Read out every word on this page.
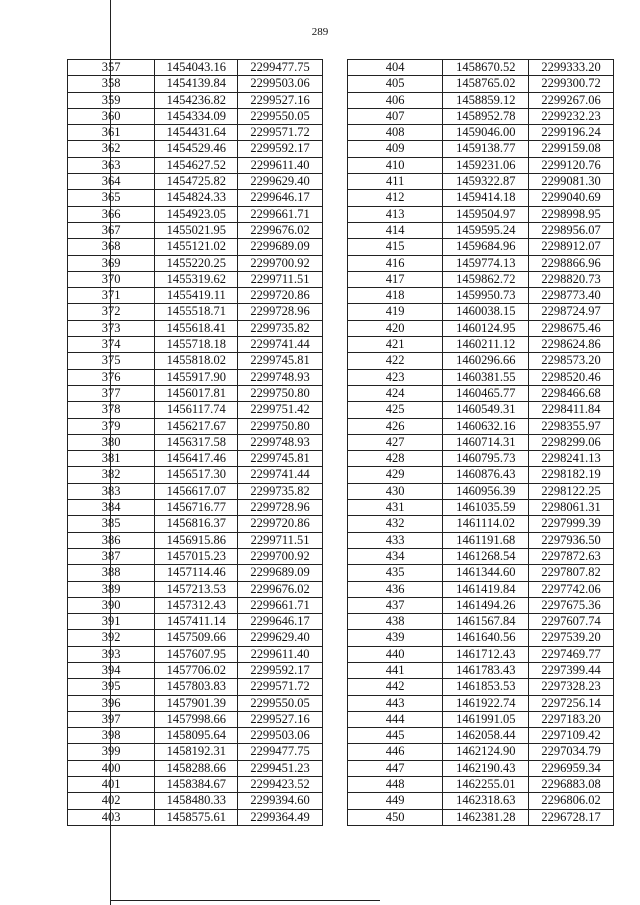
289
357	1454043.16	2299477.75
358	1454139.84	2299503.06
359	1454236.82	2299527.16
360	1454334.09	2299550.05
361	1454431.64	2299571.72
362	1454529.46	2299592.17
363	1454627.52	2299611.40
364	1454725.82	2299629.40
365	1454824.33	2299646.17
366	1454923.05	2299661.71
367	1455021.95	2299676.02
368	1455121.02	2299689.09
369	1455220.25	2299700.92
370	1455319.62	2299711.51
371	1455419.11	2299720.86
372	1455518.71	2299728.96
373	1455618.41	2299735.82
374	1455718.18	2299741.44
375	1455818.02	2299745.81
376	1455917.90	2299748.93
377	1456017.81	2299750.80
378	1456117.74	2299751.42
379	1456217.67	2299750.80
380	1456317.58	2299748.93
381	1456417.46	2299745.81
382	1456517.30	2299741.44
383	1456617.07	2299735.82
384	1456716.77	2299728.96
385	1456816.37	2299720.86
386	1456915.86	2299711.51
387	1457015.23	2299700.92
388	1457114.46	2299689.09
389	1457213.53	2299676.02
390	1457312.43	2299661.71
391	1457411.14	2299646.17
392	1457509.66	2299629.40
393	1457607.95	2299611.40
394	1457706.02	2299592.17
395	1457803.83	2299571.72
396	1457901.39	2299550.05
397	1457998.66	2299527.16
398	1458095.64	2299503.06
399	1458192.31	2299477.75
400	1458288.66	2299451.23
401	1458384.67	2299423.52
402	1458480.33	2299394.60
403	1458575.61	2299364.49
404	1458670.52	2299333.20
405	1458765.02	2299300.72
406	1458859.12	2299267.06
407	1458952.78	2299232.23
408	1459046.00	2299196.24
409	1459138.77	2299159.08
410	1459231.06	2299120.76
411	1459322.87	2299081.30
412	1459414.18	2299040.69
413	1459504.97	2298998.95
414	1459595.24	2298956.07
415	1459684.96	2298912.07
416	1459774.13	2298866.96
417	1459862.72	2298820.73
418	1459950.73	2298773.40
419	1460038.15	2298724.97
420	1460124.95	2298675.46
421	1460211.12	2298624.86
422	1460296.66	2298573.20
423	1460381.55	2298520.46
424	1460465.77	2298466.68
425	1460549.31	2298411.84
426	1460632.16	2298355.97
427	1460714.31	2298299.06
428	1460795.73	2298241.13
429	1460876.43	2298182.19
430	1460956.39	2298122.25
431	1461035.59	2298061.31
432	1461114.02	2297999.39
433	1461191.68	2297936.50
434	1461268.54	2297872.63
435	1461344.60	2297807.82
436	1461419.84	2297742.06
437	1461494.26	2297675.36
438	1461567.84	2297607.74
439	1461640.56	2297539.20
440	1461712.43	2297469.77
441	1461783.43	2297399.44
442	1461853.53	2297328.23
443	1461922.74	2297256.14
444	1461991.05	2297183.20
445	1462058.44	2297109.42
446	1462124.90	2297034.79
447	1462190.43	2296959.34
448	1462255.01	2296883.08
449	1462318.63	2296806.02
450	1462381.28	2296728.17
